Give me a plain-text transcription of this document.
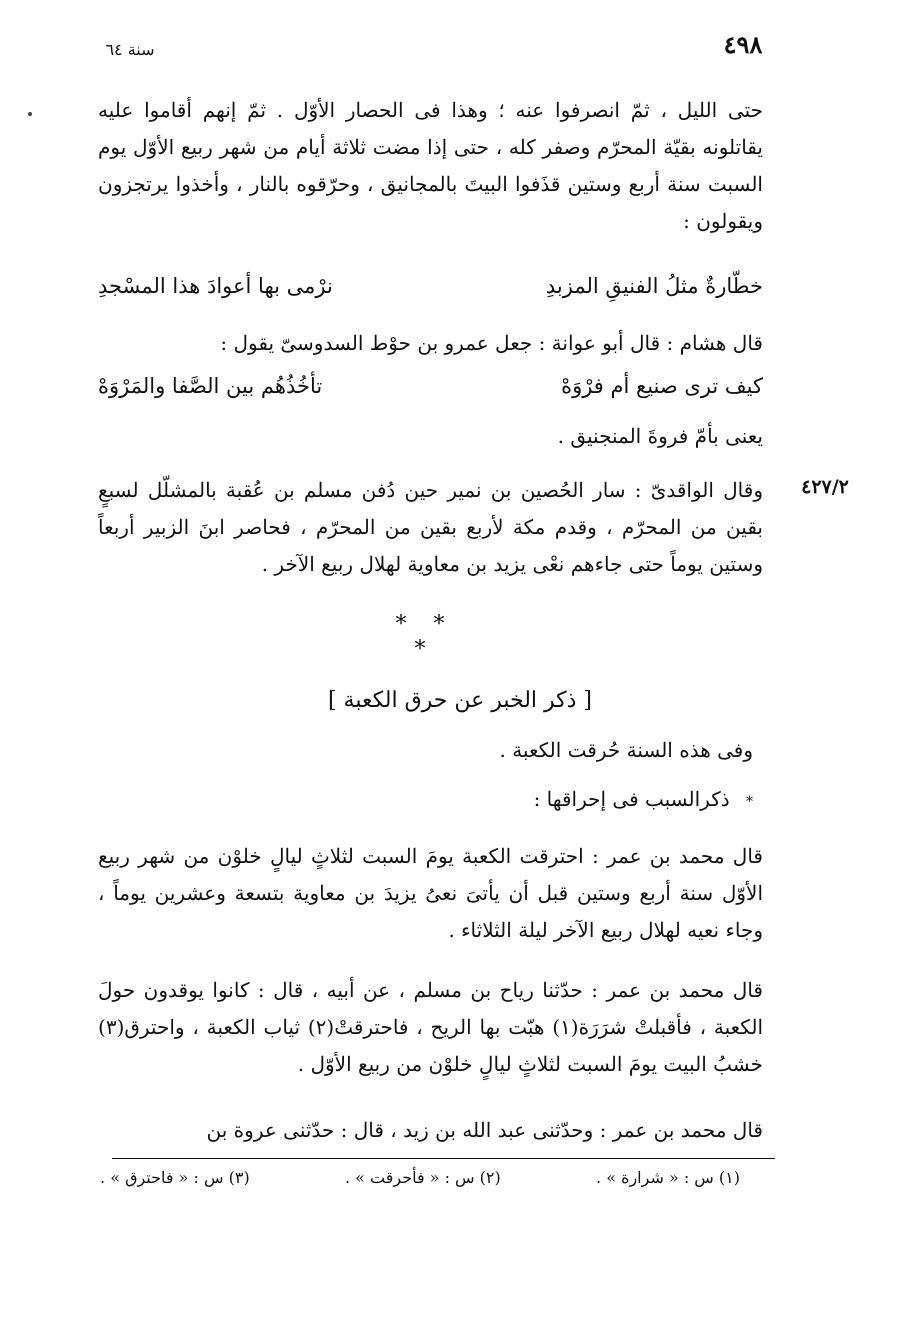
٤٩٨
سنة ٦٤
حتى الليل ، ثمّ انصرفوا عنه ؛ وهذا فى الحصار الأوّل . ثمّ إنهم أقاموا عليه يقاتلونه بقيّة المحرّم وصفر كله ، حتى إذا مضت ثلاثة أيام من شهر ربيع الأوّل يوم السبت سنة أربع وستين قذَفوا البيتَ بالمجانيق ، وحرّقوه بالنار ، وأخذوا يرتجزون ويقولون :
خطّارةٌ مثلُ الفنيقِ المزبدِ
نرْمى بها أعوادَ هذا المسْجدِ
قال هشام : قال أبو عوانة : جعل عمرو بن حوْط السدوسىّ يقول :
كيف ترى صنيع أم فرْوَهْ
تأخُذُهُم بين الصَّفا والمَرْوَهْ
يعنى بأمّ فروةَ المنجنيق .
٤٢٧/٢
وقال الواقدىّ : سار الحُصين بن نمير حين دُفن مسلم بن عُقبة بالمشلّل لسبعٍ بقين من المحرّم ، وقدم مكة لأربع بقين من المحرّم ، فحاصر ابنَ الزبير أربعاً وستين يوماً حتى جاءهم نعْى يزيد بن معاوية لهلال ربيع الآخر .
* * *
[ ذكر الخبر عن حرق الكعبة ]
وفى هذه السنة حُرقت الكعبة .
* ذكرالسبب فى إحراقها :
قال محمد بن عمر : احترقت الكعبة يومَ السبت لثلاثٍ ليالٍ خلوْن من شهر ربيع الأوّل سنة أربع وستين قبل أن يأتىَ نعىُ يزيدَ بن معاوية بتسعة وعشرين يوماً ، وجاء نعيه لهلال ربيع الآخر ليلة الثلاثاء .
قال محمد بن عمر : حدّثنا رياح بن مسلم ، عن أبيه ، قال : كانوا يوقدون حولَ الكعبة ، فأقبلتْ شرَرَة(١) هبّت بها الريح ، فاحترقتْ(٢) ثياب الكعبة ، واحترق(٣) خشبُ البيت يومَ السبت لثلاثٍ ليالٍ خلوْن من ربيع الأوّل .
قال محمد بن عمر : وحدّثنى عبد الله بن زيد ، قال : حدّثنى عروة بن
(١) س : « شرارة » .
(٢) س : « فأحرقت » .
(٣) س : « فاحترق » .
